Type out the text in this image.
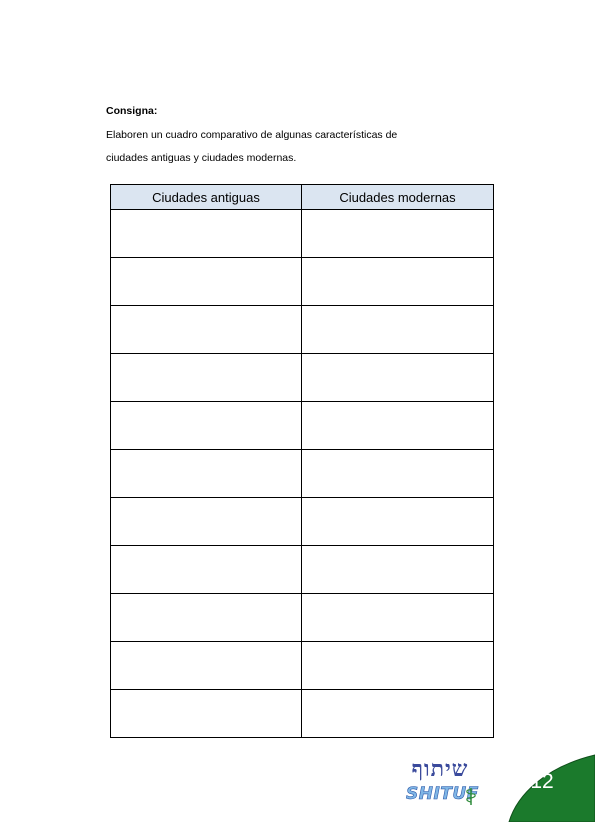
Consigna:
Elaboren un cuadro comparativo de algunas características de
ciudades antiguas y ciudades modernas.
Ciudades antiguas	Ciudades modernas

שיתוף
SHITUF
12
